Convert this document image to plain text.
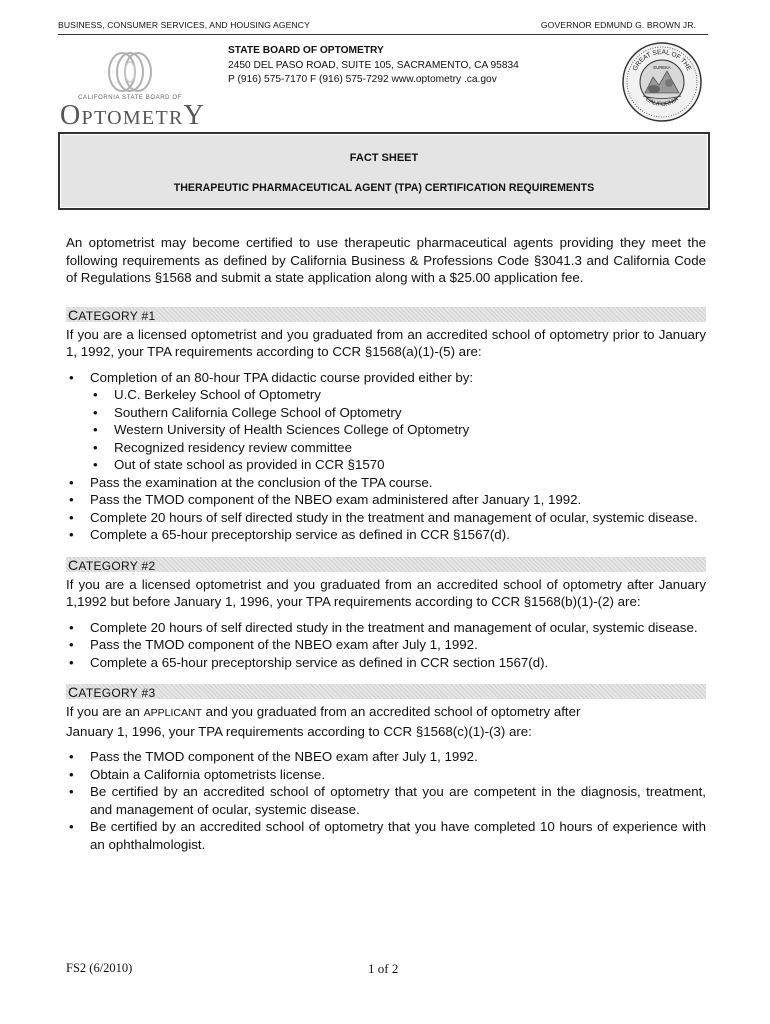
BUSINESS, CONSUMER SERVICES, AND HOUSING AGENCY	GOVERNOR EDMUND G. BROWN JR.
CALIFORNIA STATE BOARD OF
OPTOMETRY
STATE BOARD OF OPTOMETRY
2450 DEL PASO ROAD, SUITE 105, SACRAMENTO, CA 95834
P (916) 575-7170 F (916) 575-7292 www.optometry .ca.gov
GREAT SEAL OF THE
CALIFORNIA
EUREKA
FACT SHEET
THERAPEUTIC PHARMACEUTICAL AGENT (TPA) CERTIFICATION REQUIREMENTS

An optometrist may become certified to use therapeutic pharmaceutical agents providing they meet the following requirements as defined by California Business & Professions Code §3041.3 and California Code of Regulations §1568 and submit a state application along with a $25.00 application fee.

CATEGORY #1

If you are a licensed optometrist and you graduated from an accredited school of optometry prior to January 1, 1992, your TPA requirements according to CCR §1568(a)(1)-(5) are:

• Completion of an 80-hour TPA didactic course provided either by:
• U.C. Berkeley School of Optometry
• Southern California College School of Optometry
• Western University of Health Sciences College of Optometry
• Recognized residency review committee
• Out of state school as provided in CCR §1570
• Pass the examination at the conclusion of the TPA course.
• Pass the TMOD component of the NBEO exam administered after January 1, 1992.
• Complete 20 hours of self directed study in the treatment and management of ocular, systemic disease.
• Complete a 65-hour preceptorship service as defined in CCR §1567(d).
CATEGORY #2

If you are a licensed optometrist and you graduated from an accredited school of optometry after January 1,1992 but before January 1, 1996, your TPA requirements according to CCR §1568(b)(1)-(2) are:

• Complete 20 hours of self directed study in the treatment and management of ocular, systemic disease.
• Pass the TMOD component of the NBEO exam after July 1, 1992.
• Complete a 65-hour preceptorship service as defined in CCR section 1567(d).
CATEGORY #3

If you are an APPLICANT and you graduated from an accredited school of optometry after
January 1, 1996, your TPA requirements according to CCR §1568(c)(1)-(3) are:

• Pass the TMOD component of the NBEO exam after July 1, 1992.
• Obtain a California optometrists license.
• Be certified by an accredited school of optometry that you are competent in the diagnosis, treatment, and management of ocular, systemic disease.
• Be certified by an accredited school of optometry that you have completed 10 hours of experience with an ophthalmologist.
FS2 (6/2010)	1 of 2
